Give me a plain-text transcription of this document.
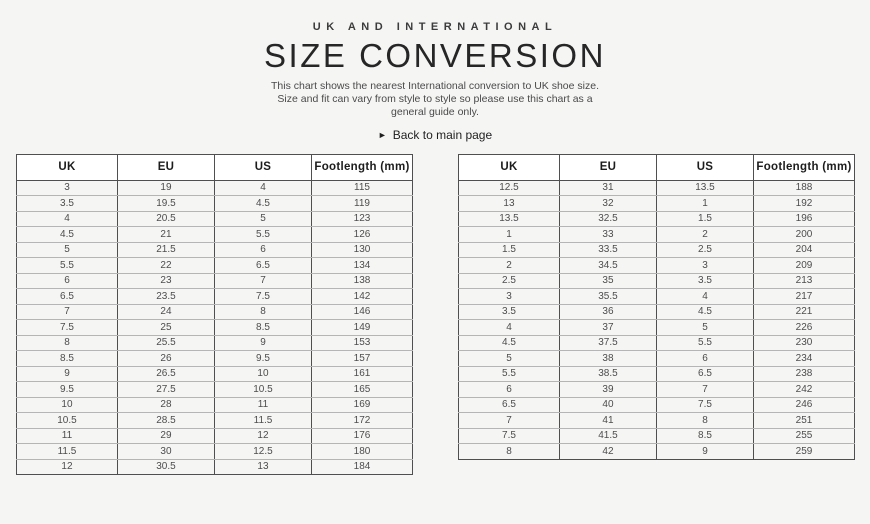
UK AND INTERNATIONAL
SIZE CONVERSION
This chart shows the nearest International conversion to UK shoe size.
Size and fit can vary from style to style so please use this chart as a
general guide only.
► Back to main page
UK	EU	US	Footlength (mm)
3	19	4	115
3.5	19.5	4.5	119
4	20.5	5	123
4.5	21	5.5	126
5	21.5	6	130
5.5	22	6.5	134
6	23	7	138
6.5	23.5	7.5	142
7	24	8	146
7.5	25	8.5	149
8	25.5	9	153
8.5	26	9.5	157
9	26.5	10	161
9.5	27.5	10.5	165
10	28	11	169
10.5	28.5	11.5	172
11	29	12	176
11.5	30	12.5	180
12	30.5	13	184
UK	EU	US	Footlength (mm)
12.5	31	13.5	188
13	32	1	192
13.5	32.5	1.5	196
1	33	2	200
1.5	33.5	2.5	204
2	34.5	3	209
2.5	35	3.5	213
3	35.5	4	217
3.5	36	4.5	221
4	37	5	226
4.5	37.5	5.5	230
5	38	6	234
5.5	38.5	6.5	238
6	39	7	242
6.5	40	7.5	246
7	41	8	251
7.5	41.5	8.5	255
8	42	9	259
